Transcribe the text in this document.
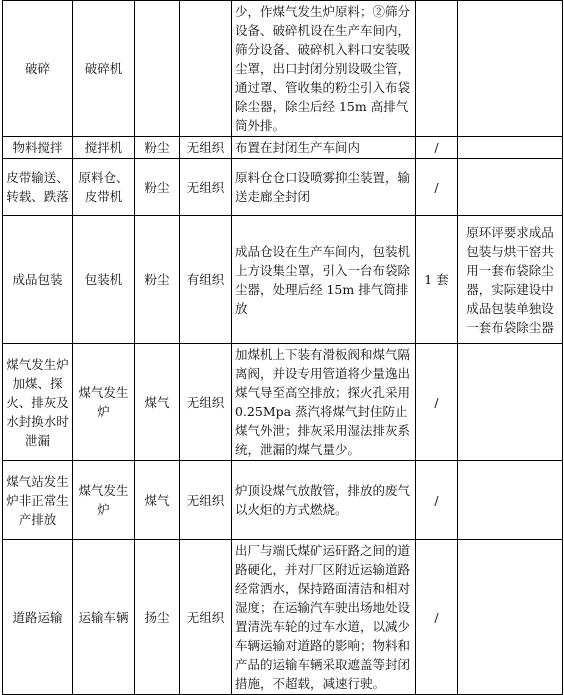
破碎	破碎机			少，作煤气发生炉原料；②筛分设备、破碎机设在生产车间内，筛分设备、破碎机入料口安装吸尘罩，出口封闭分别设吸尘管，通过罩、管收集的粉尘引入布袋除尘器，除尘后经 15m 高排气筒外排。		
物料搅拌	搅拌机	粉尘	无组织	布置在封闭生产车间内	/	
皮带输送、转载、跌落	原料仓、皮带机	粉尘	无组织	原料仓仓口设喷雾抑尘装置，输送走廊全封闭	/	
成品包装	包装机	粉尘	有组织	成品仓设在生产车间内，包装机上方设集尘罩，引入一台布袋除尘器，处理后经 15m 排气筒排放	1 套	原环评要求成品包装与烘干窑共用一套布袋除尘器，实际建设中成品包装单独设一套布袋除尘器
煤气发生炉加煤、探火、排灰及水封换水时泄漏	煤气发生炉	煤气	无组织	加煤机上下装有滑板阀和煤气隔离阀，并设专用管道将少量逸出煤气导至高空排放；探火孔采用 0.25Mpa 蒸汽将煤气封住防止煤气外泄；排灰采用湿法排灰系统，泄漏的煤气量少。	/	
煤气站发生炉非正常生产排放	煤气发生炉	煤气	无组织	炉顶设煤气放散管，排放的废气以火炬的方式燃烧。	/	
道路运输	运输车辆	扬尘	无组织	出厂与端氏煤矿运矸路之间的道路硬化，并对厂区附近运输道路经常洒水，保持路面清洁和相对湿度；在运输汽车驶出场地处设置清洗车轮的过车水道，以减少车辆运输对道路的影响；物料和产品的运输车辆采取遮盖等封闭措施，不超载，减速行驶。	/	
